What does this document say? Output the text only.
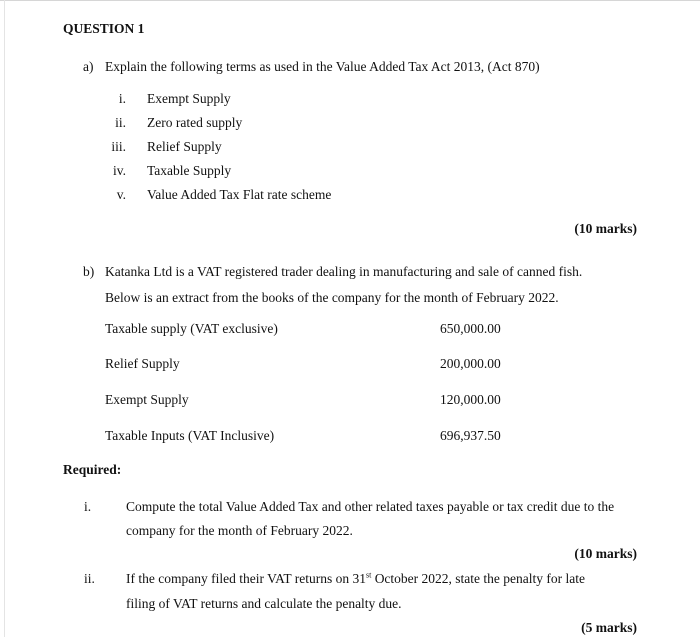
QUESTION 1
a) Explain the following terms as used in the Value Added Tax Act 2013, (Act 870)
i. Exempt Supply
ii. Zero rated supply
iii. Relief Supply
iv. Taxable Supply
v. Value Added Tax Flat rate scheme
(10 marks)
b) Katanka Ltd is a VAT registered trader dealing in manufacturing and sale of canned fish.
Below is an extract from the books of the company for the month of February 2022.
Taxable supply (VAT exclusive)	650,000.00
Relief Supply	200,000.00
Exempt Supply	120,000.00
Taxable Inputs (VAT Inclusive)	696,937.50
Required:
i.	Compute the total Value Added Tax and other related taxes payable or tax credit due to the
company for the month of February 2022.
(10 marks)
ii. If the company filed their VAT returns on 31st October 2022, state the penalty for late
filing of VAT returns and calculate the penalty due.
(5 marks)
